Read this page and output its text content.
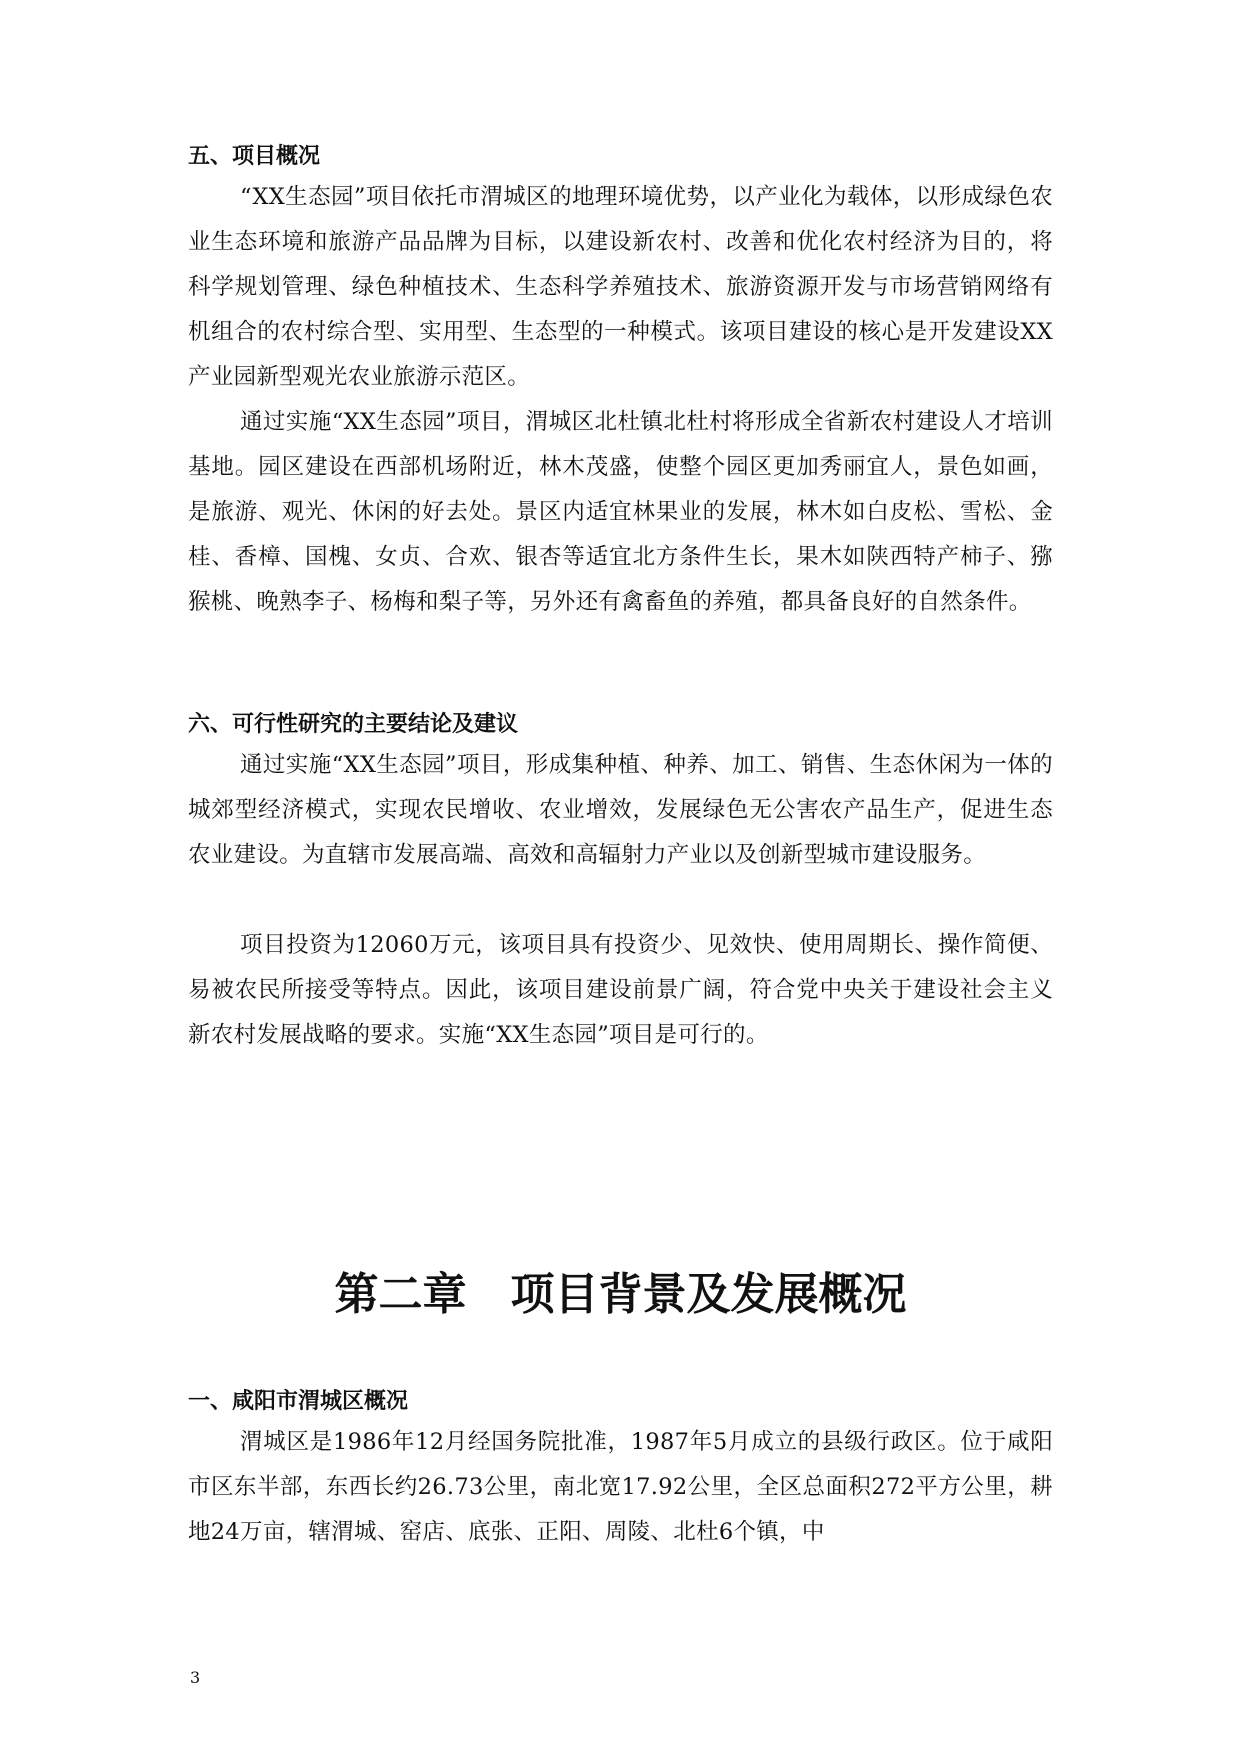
五、项目概况

“XX生态园”项目依托市渭城区的地理环境优势，以产业化为载体，以形成绿色农业生态环境和旅游产品品牌为目标，以建设新农村、改善和优化农村经济为目的，将科学规划管理、绿色种植技术、生态科学养殖技术、旅游资源开发与市场营销网络有机组合的农村综合型、实用型、生态型的一种模式。该项目建设的核心是开发建设XX产业园新型观光农业旅游示范区。

通过实施“XX生态园”项目，渭城区北杜镇北杜村将形成全省新农村建设人才培训基地。园区建设在西部机场附近，林木茂盛，使整个园区更加秀丽宜人，景色如画，是旅游、观光、休闲的好去处。景区内适宜林果业的发展，林木如白皮松、雪松、金桂、香樟、国槐、女贞、合欢、银杏等适宜北方条件生长，果木如陕西特产柿子、猕猴桃、晚熟李子、杨梅和梨子等，另外还有禽畜鱼的养殖，都具备良好的自然条件。

六、可行性研究的主要结论及建议

通过实施“XX生态园”项目，形成集种植、种养、加工、销售、生态休闲为一体的城郊型经济模式，实现农民增收、农业增效，发展绿色无公害农产品生产，促进生态农业建设。为直辖市发展高端、高效和高辐射力产业以及创新型城市建设服务。

项目投资为12060万元，该项目具有投资少、见效快、使用周期长、操作简便、易被农民所接受等特点。因此，该项目建设前景广阔，符合党中央关于建设社会主义新农村发展战略的要求。实施“XX生态园”项目是可行的。

第二章　项目背景及发展概况
一、咸阳市渭城区概况

渭城区是1986年12月经国务院批准，1987年5月成立的县级行政区。位于咸阳市区东半部，东西长约26.73公里，南北宽17.92公里，全区总面积272平方公里，耕地24万亩，辖渭城、窑店、底张、正阳、周陵、北杜6个镇，中

3
